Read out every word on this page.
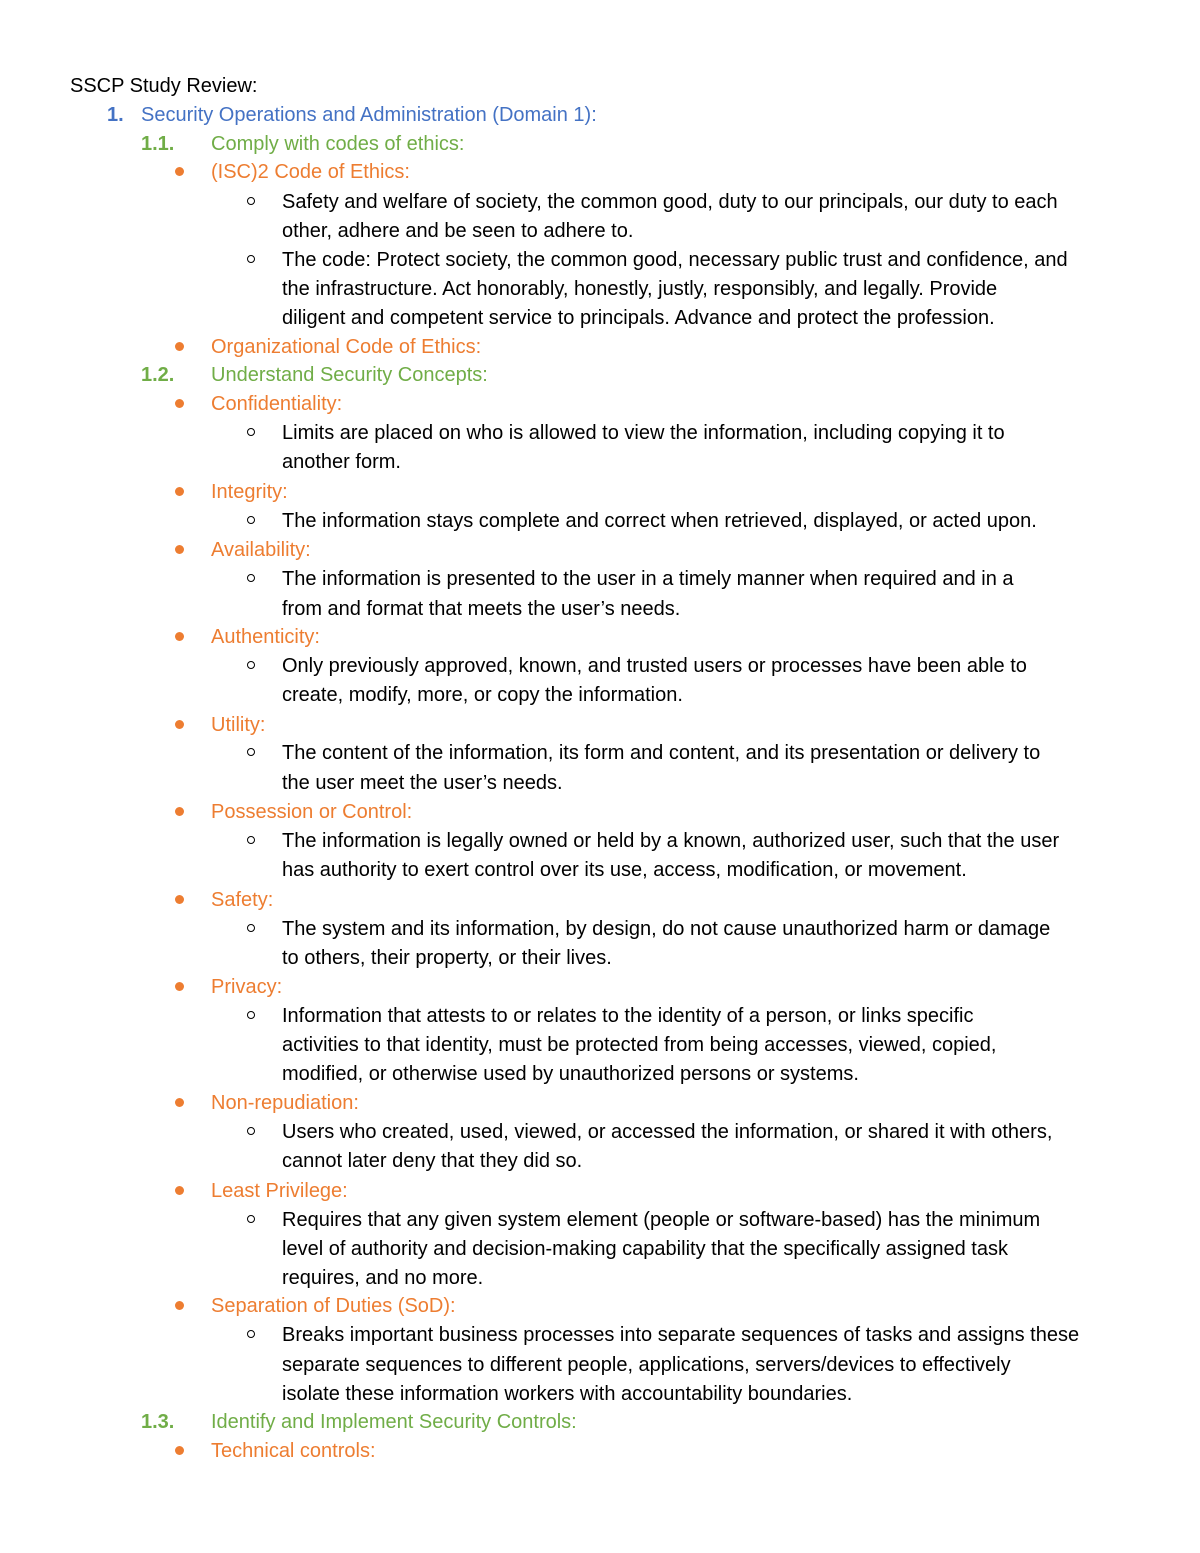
SSCP Study Review:
1. Security Operations and Administration (Domain 1):
1.1. Comply with codes of ethics:
(ISC)2 Code of Ethics:
Safety and welfare of society, the common good, duty to our principals, our duty to each
other, adhere and be seen to adhere to.
The code: Protect society, the common good, necessary public trust and confidence, and
the infrastructure. Act honorably, honestly, justly, responsibly, and legally. Provide
diligent and competent service to principals. Advance and protect the profession.
Organizational Code of Ethics:
1.2. Understand Security Concepts:
Confidentiality:
Limits are placed on who is allowed to view the information, including copying it to
another form.
Integrity:
The information stays complete and correct when retrieved, displayed, or acted upon.
Availability:
The information is presented to the user in a timely manner when required and in a
from and format that meets the user’s needs.
Authenticity:
Only previously approved, known, and trusted users or processes have been able to
create, modify, more, or copy the information.
Utility:
The content of the information, its form and content, and its presentation or delivery to
the user meet the user’s needs.
Possession or Control:
The information is legally owned or held by a known, authorized user, such that the user
has authority to exert control over its use, access, modification, or movement.
Safety:
The system and its information, by design, do not cause unauthorized harm or damage
to others, their property, or their lives.
Privacy:
Information that attests to or relates to the identity of a person, or links specific
activities to that identity, must be protected from being accesses, viewed, copied,
modified, or otherwise used by unauthorized persons or systems.
Non-repudiation:
Users who created, used, viewed, or accessed the information, or shared it with others,
cannot later deny that they did so.
Least Privilege:
Requires that any given system element (people or software-based) has the minimum
level of authority and decision-making capability that the specifically assigned task
requires, and no more.
Separation of Duties (SoD):
Breaks important business processes into separate sequences of tasks and assigns these
separate sequences to different people, applications, servers/devices to effectively
isolate these information workers with accountability boundaries.
1.3. Identify and Implement Security Controls:
Technical controls:
